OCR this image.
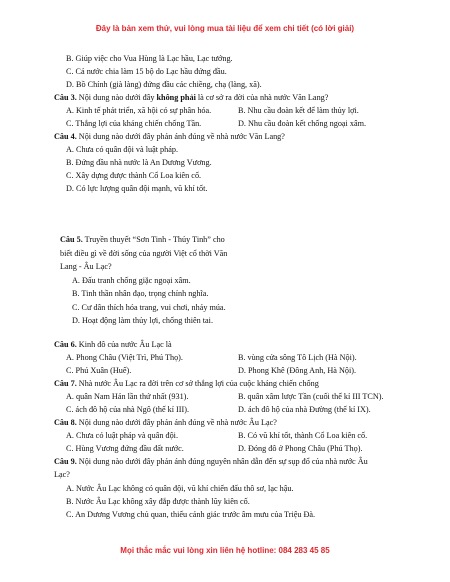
Đây là bản xem thử, vui lòng mua tài liệu để xem chi tiết (có lời giải)
B. Giúp việc cho Vua Hùng là Lạc hầu, Lạc tướng.
C. Cả nước chia làm 15 bộ do Lạc hầu đứng đầu.
D. Bồ Chính (già làng) đứng đầu các chiềng, chạ (làng, xã).
Câu 3. Nội dung nào dưới đây không phải là cơ sở ra đời của nhà nước Văn Lang?
A. Kinh tế phát triển, xã hội có sự phân hóa.	B. Nhu cầu đoàn kết để làm thủy lợi.
C. Thắng lợi của kháng chiến chống Tần.	D. Nhu cầu đoàn kết chống ngoại xâm.
Câu 4. Nội dung nào dưới đây phản ánh đúng về nhà nước Văn Lang?
A. Chưa có quân đội và luật pháp.
B. Đứng đầu nhà nước là An Dương Vương.
C. Xây dựng được thành Cổ Loa kiên cố.
D. Có lực lượng quân đội mạnh, vũ khí tốt.

Câu 5. Truyền thuyết “Sơn Tinh - Thủy Tinh” cho biết điều gì về đời sống của người Việt cổ thời Văn Lang - Âu Lạc?

A. Đấu tranh chống giặc ngoại xâm.

B. Tinh thần nhân đạo, trọng chính nghĩa.

C. Cư dân thích hóa trang, vui chơi, nhảy múa.

D. Hoạt động làm thủy lợi, chống thiên tai.

Câu 6. Kinh đô của nước Âu Lạc là
A. Phong Châu (Việt Trì, Phú Thọ).	B. vùng cửa sông Tô Lịch (Hà Nội).
C. Phú Xuân (Huế).	D. Phong Khê (Đông Anh, Hà Nội).
Câu 7. Nhà nước Âu Lạc ra đời trên cơ sở thắng lợi của cuộc kháng chiến chống
A. quân Nam Hán lần thứ nhất (931).	B. quân xâm lược Tần (cuối thế kỉ III TCN).
C. ách đô hộ của nhà Ngô (thế kỉ III).	D. ách đô hộ của nhà Đường (thế kỉ IX).
Câu 8. Nội dung nào dưới đây phản ánh đúng về nhà nước Âu Lạc?
A. Chưa có luật pháp và quân đội.	B. Có vũ khí tốt, thành Cổ Loa kiên cố.
C. Hùng Vương đứng đầu đất nước.	D. Đóng đô ở Phong Châu (Phú Thọ).
Câu 9. Nội dung nào dưới đây phản ánh đúng nguyên nhân dẫn đến sự sụp đổ của nhà nước Âu
Lạc?
A. Nước Âu Lạc không có quân đội, vũ khí chiến đấu thô sơ, lạc hậu.
B. Nước Âu Lạc không xây đắp được thành lũy kiên cố.
C. An Dương Vương chủ quan, thiếu cảnh giác trước âm mưu của Triệu Đà.
Mọi thắc mắc vui lòng xin liên hệ hotline: 084 283 45 85
